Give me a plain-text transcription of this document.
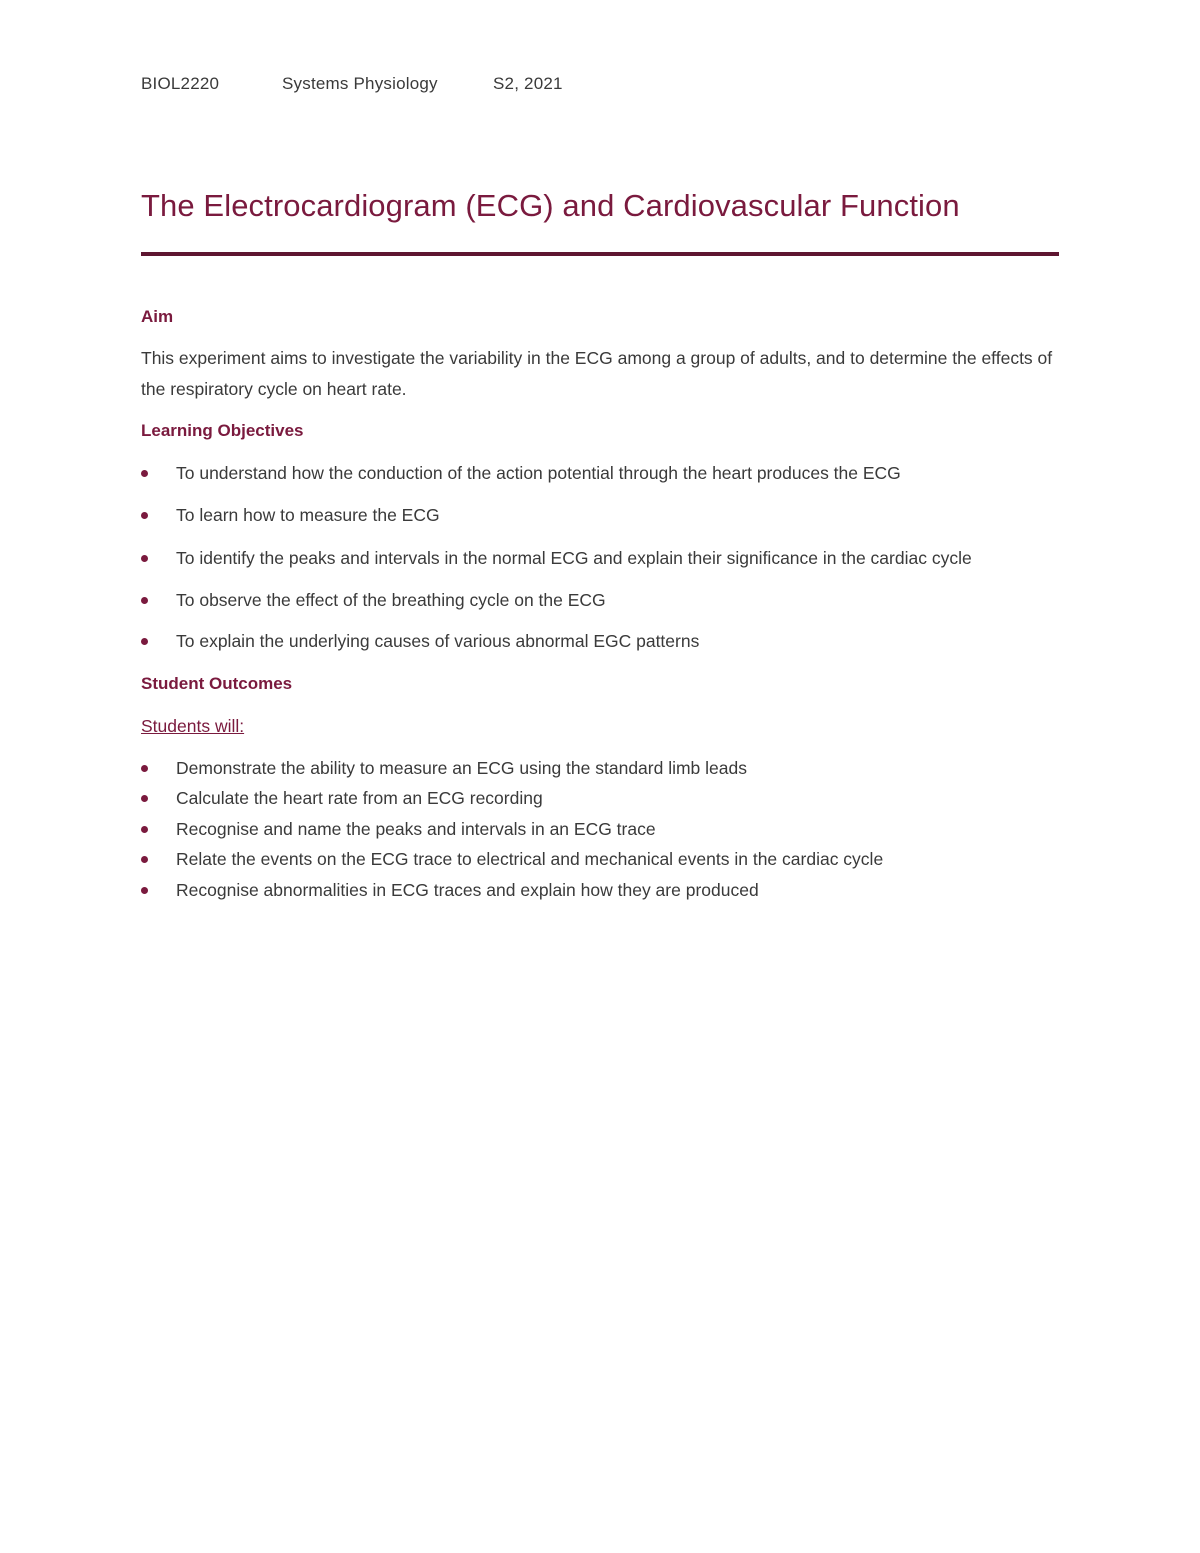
BIOL2220	Systems Physiology	S2, 2021
The Electrocardiogram (ECG) and Cardiovascular Function
Aim
This experiment aims to investigate the variability in the ECG among a group of adults, and to determine the effects of the respiratory cycle on heart rate.
Learning Objectives
To understand how the conduction of the action potential through the heart produces the ECG
To learn how to measure the ECG
To identify the peaks and intervals in the normal ECG and explain their significance in the cardiac cycle
To observe the effect of the breathing cycle on the ECG
To explain the underlying causes of various abnormal EGC patterns
Student Outcomes
Students will:
Demonstrate the ability to measure an ECG using the standard limb leads
Calculate the heart rate from an ECG recording
Recognise and name the peaks and intervals in an ECG trace
Relate the events on the ECG trace to electrical and mechanical events in the cardiac cycle
Recognise abnormalities in ECG traces and explain how they are produced
